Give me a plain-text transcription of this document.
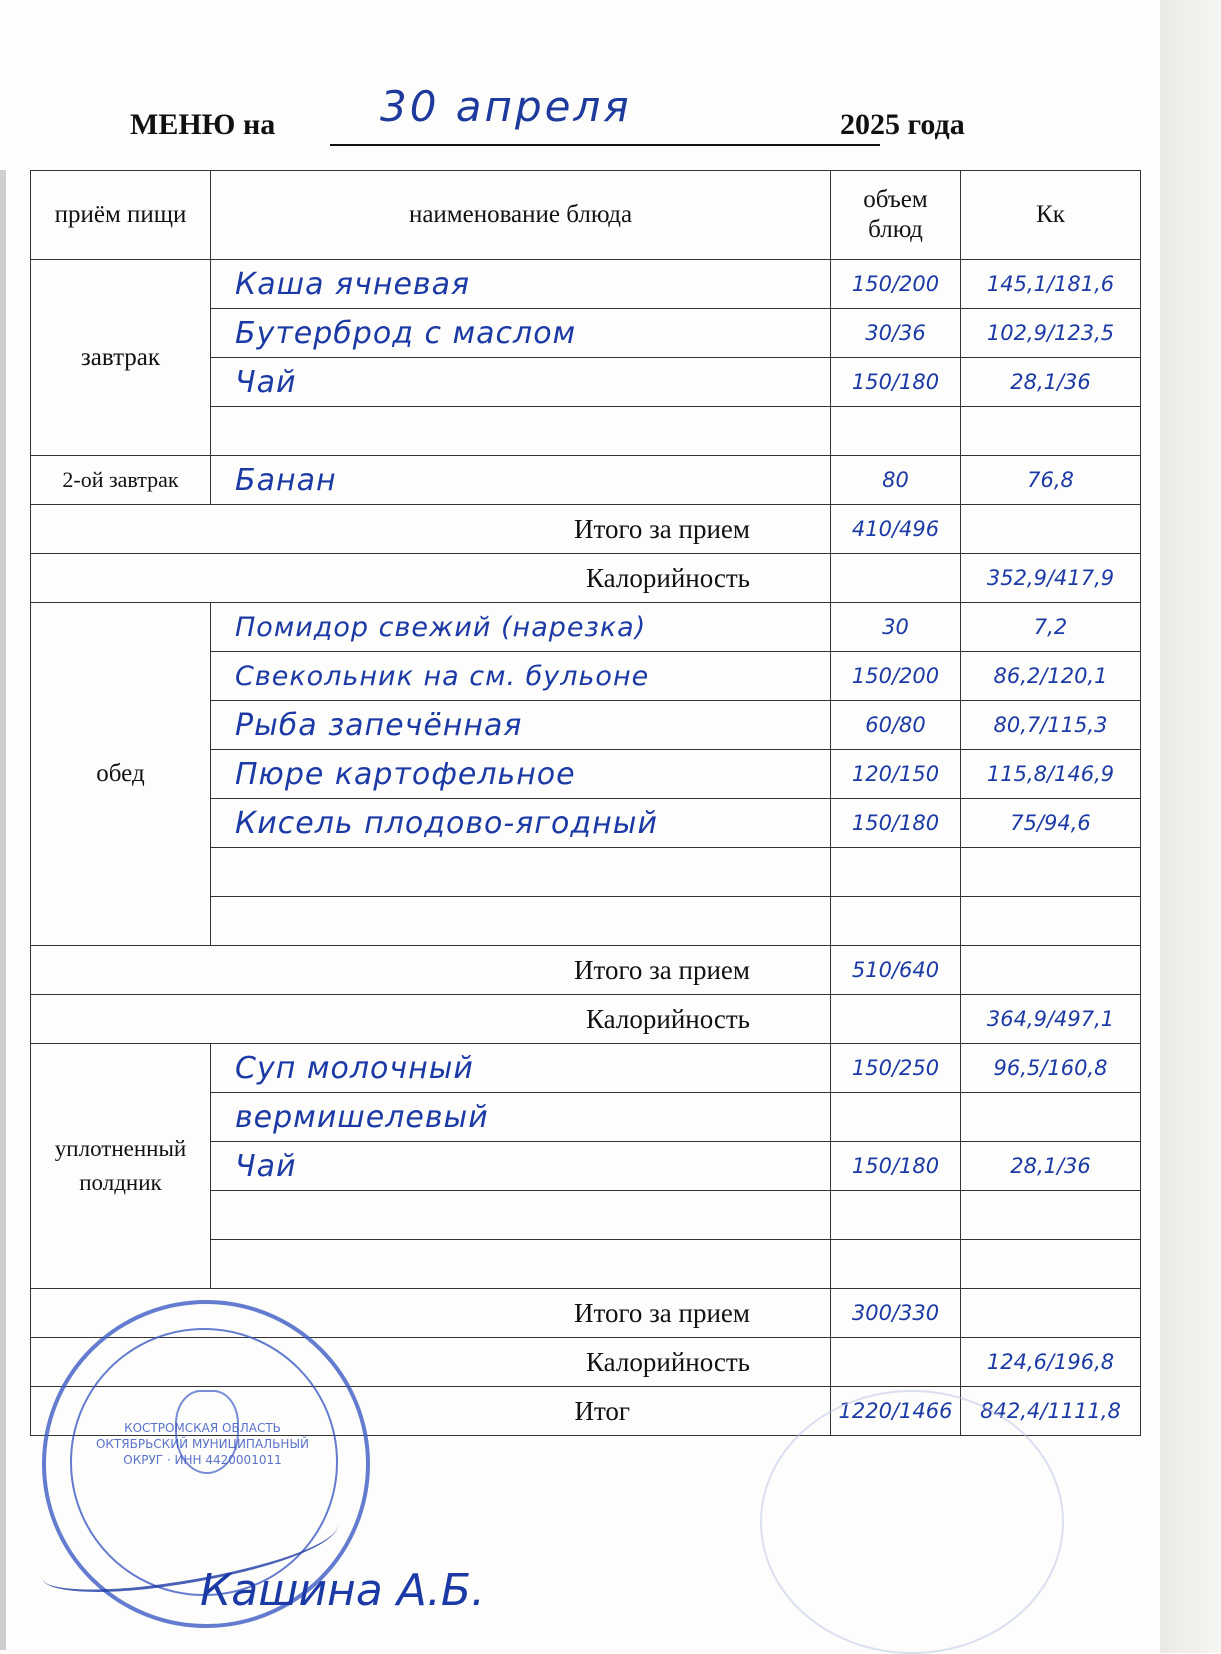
МЕНЮ на 30 апреля	2025 года
приём пищи	наименование блюда	объем блюд	Кк
завтрак	Каша ячневая	150/200	145,1/181,6
	Бутерброд с маслом	30/36	102,9/123,5
	Чай	150/180	28,1/36

2-ой завтрак	Банан	80	76,8
Итого за прием		410/496	
Калорийность			352,9/417,9
обед	Помидор свежий (нарезка)	30	7,2
	Свекольник на см. бульоне	150/200	86,2/120,1
	Рыба запечённая	60/80	80,7/115,3
	Пюре картофельное	120/150	115,8/146,9
	Кисель плодово-ягодный	150/180	75/94,6

Итого за прием		510/640	
Калорийность			364,9/497,1
уплотненный полдник	Суп молочный	150/250	96,5/160,8
	вермишелевый		
	Чай	150/180	28,1/36

Итого за прием		300/330	
Калорийность			124,6/196,8
Итог		1220/1466	842,4/1111,8
КОСТРОМСКАЯ ОБЛАСТЬ ОКТЯБРЬСКИЙ МУНИЦИПАЛЬНЫЙ ОКРУГ · ИНН 4420001011
Кашина А.Б.
